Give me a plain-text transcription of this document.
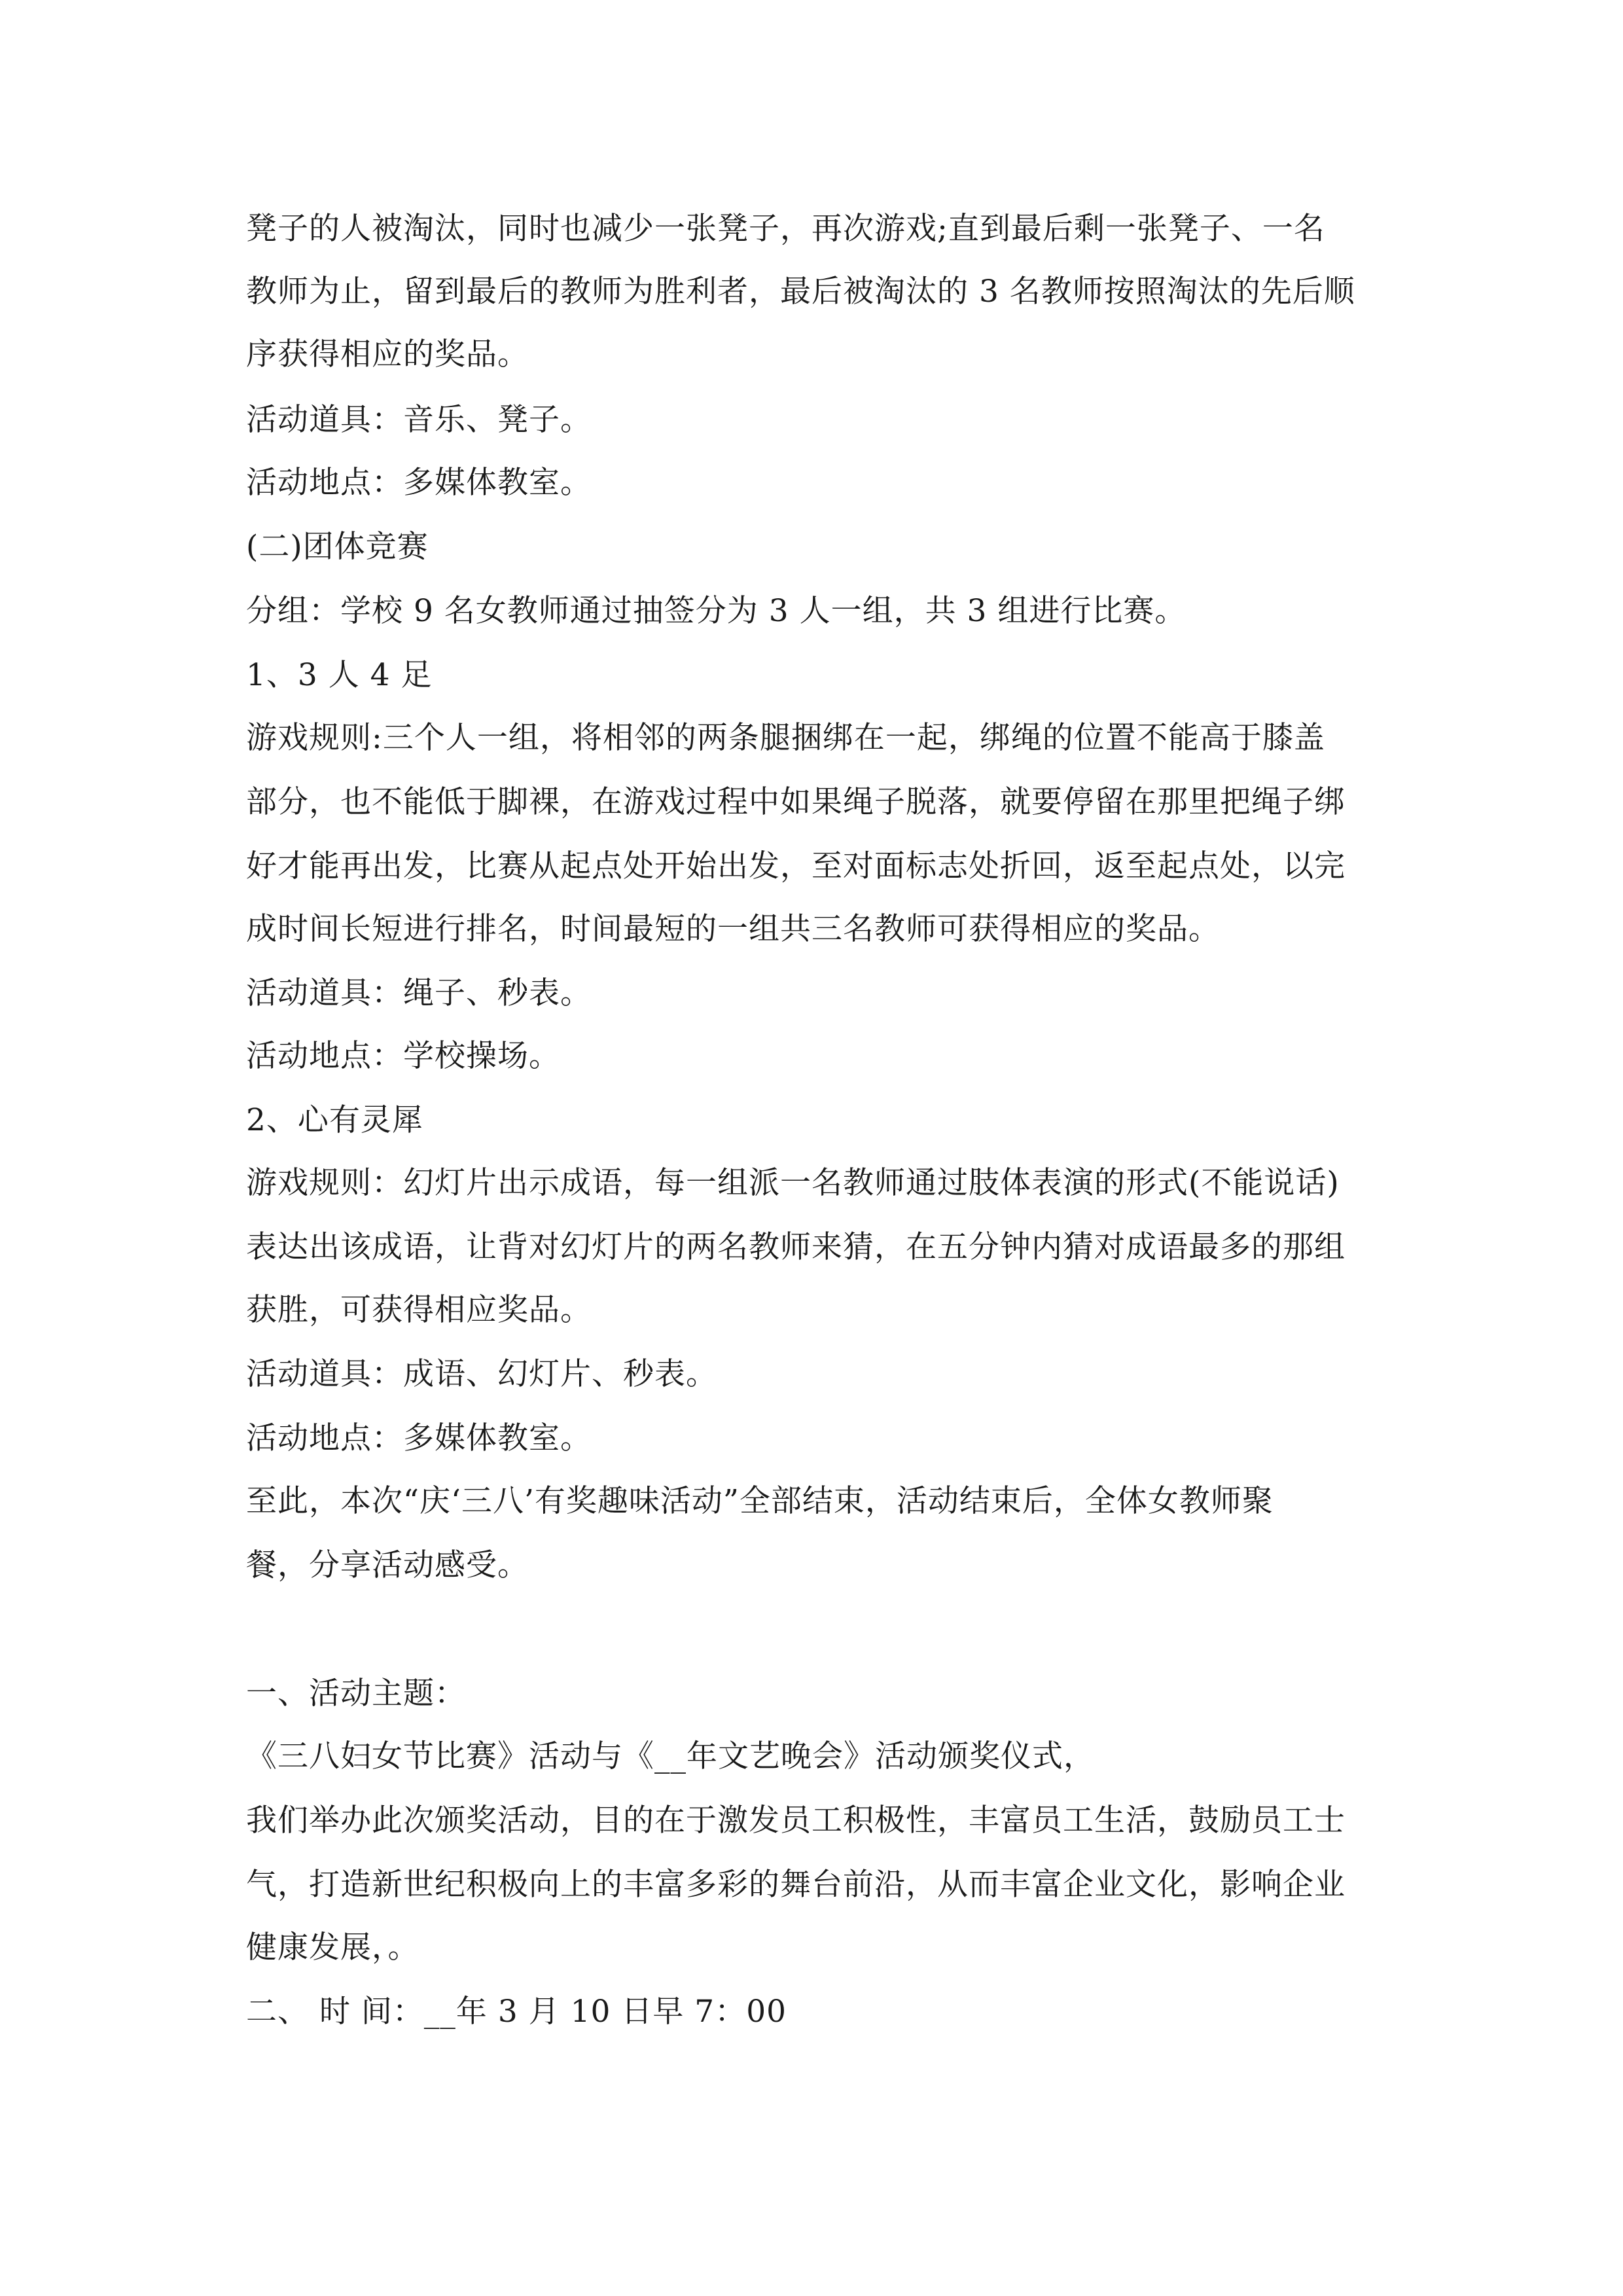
凳子的人被淘汰，同时也减少一张凳子，再次游戏;直到最后剩一张凳子、一名
教师为止，留到最后的教师为胜利者，最后被淘汰的 3 名教师按照淘汰的先后顺
序获得相应的奖品。
活动道具：音乐、凳子。
活动地点：多媒体教室。
(二)团体竞赛
分组：学校 9 名女教师通过抽签分为 3 人一组，共 3 组进行比赛。
1、3 人 4 足
游戏规则:三个人一组，将相邻的两条腿捆绑在一起，绑绳的位置不能高于膝盖
部分，也不能低于脚裸，在游戏过程中如果绳子脱落，就要停留在那里把绳子绑
好才能再出发，比赛从起点处开始出发，至对面标志处折回，返至起点处，以完
成时间长短进行排名，时间最短的一组共三名教师可获得相应的奖品。
活动道具：绳子、秒表。
活动地点：学校操场。
2、心有灵犀
游戏规则：幻灯片出示成语，每一组派一名教师通过肢体表演的形式(不能说话)
表达出该成语，让背对幻灯片的两名教师来猜，在五分钟内猜对成语最多的那组
获胜，可获得相应奖品。
活动道具：成语、幻灯片、秒表。
活动地点：多媒体教室。
至此，本次“庆‘三八’有奖趣味活动”全部结束，活动结束后，全体女教师聚
餐，分享活动感受。
一、活动主题：
《三八妇女节比赛》活动与《__年文艺晚会》活动颁奖仪式，
我们举办此次颁奖活动，目的在于激发员工积极性，丰富员工生活，鼓励员工士
气，打造新世纪积极向上的丰富多彩的舞台前沿，从而丰富企业文化，影响企业
健康发展，。
二、 时 间：__年 3 月 10 日早 7：00
